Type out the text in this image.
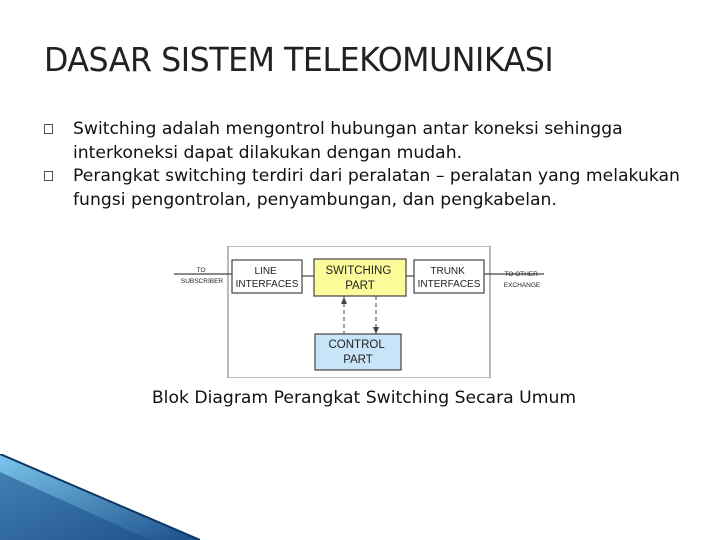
DASAR SISTEM TELEKOMUNIKASI
Switching adalah mengontrol hubungan antar koneksi sehingga interkoneksi dapat dilakukan dengan mudah.
Perangkat switching terdiri dari peralatan – peralatan yang melakukan fungsi pengontrolan, penyambungan, dan pengkabelan.
TO SUBSCRIBER
LINE INTERFACES
SWITCHING PART
TRUNK INTERFACES
TO OTHER EXCHANGE
CONTROL PART

Blok Diagram Perangkat Switching Secara Umum
